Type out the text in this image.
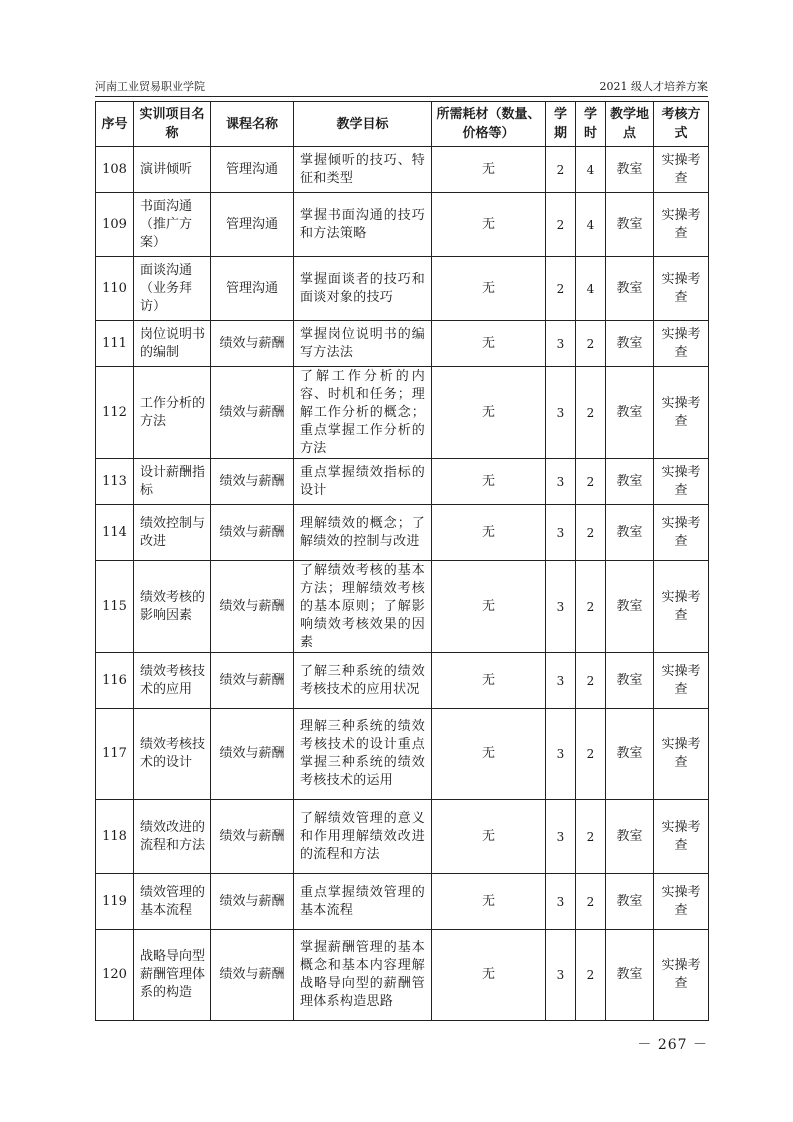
河南工业贸易职业学院	2021 级人才培养方案
序号	实训项目名称	课程名称	教学目标	所需耗材（数量、价格等）	学期	学时	教学地点	考核方式
108	演讲倾听	管理沟通	掌握倾听的技巧、特征和类型	无	2	4	教室	实操考查
109	书面沟通（推广方案）	管理沟通	掌握书面沟通的技巧和方法策略	无	2	4	教室	实操考查
110	面谈沟通（业务拜访）	管理沟通	掌握面谈者的技巧和面谈对象的技巧	无	2	4	教室	实操考查
111	岗位说明书的编制	绩效与薪酬	掌握岗位说明书的编写方法法	无	3	2	教室	实操考查
112	工作分析的方法	绩效与薪酬	了解工作分析的内容、时机和任务；理解工作分析的概念；重点掌握工作分析的方法	无	3	2	教室	实操考查
113	设计薪酬指标	绩效与薪酬	重点掌握绩效指标的设计	无	3	2	教室	实操考查
114	绩效控制与改进	绩效与薪酬	理解绩效的概念；了解绩效的控制与改进	无	3	2	教室	实操考查
115	绩效考核的影响因素	绩效与薪酬	了解绩效考核的基本方法；理解绩效考核的基本原则；了解影响绩效考核效果的因素	无	3	2	教室	实操考查
116	绩效考核技术的应用	绩效与薪酬	了解三种系统的绩效考核技术的应用状况	无	3	2	教室	实操考查
117	绩效考核技术的设计	绩效与薪酬	理解三种系统的绩效考核技术的设计重点掌握三种系统的绩效考核技术的运用	无	3	2	教室	实操考查
118	绩效改进的流程和方法	绩效与薪酬	了解绩效管理的意义和作用理解绩效改进的流程和方法	无	3	2	教室	实操考查
119	绩效管理的基本流程	绩效与薪酬	重点掌握绩效管理的基本流程	无	3	2	教室	实操考查
120	战略导向型薪酬管理体系的构造	绩效与薪酬	掌握薪酬管理的基本概念和基本内容理解战略导向型的薪酬管理体系构造思路	无	3	2	教室	实操考查
－ 267 －
